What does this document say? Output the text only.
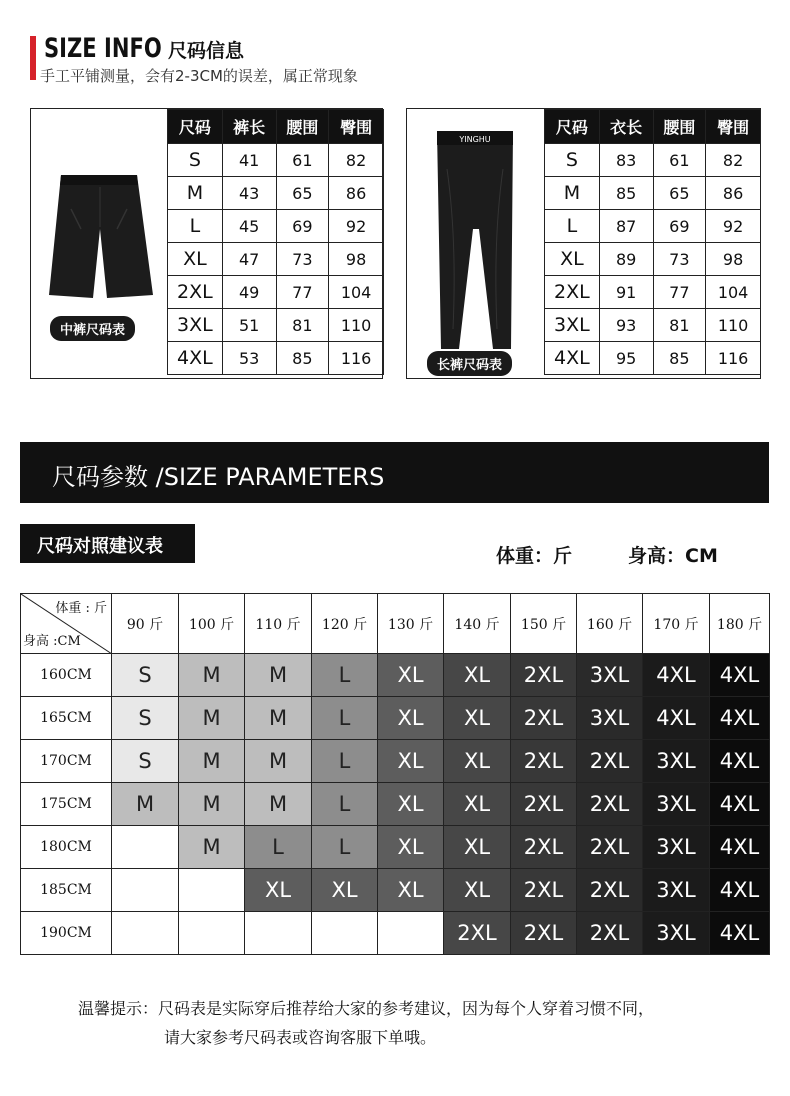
SIZE INFO 尺码信息
手工平铺测量，会有2-3CM的误差，属正常现象
中裤尺码表
尺码	裤长	腰围	臀围
S	41	61	82
M	43	65	86
L	45	69	92
XL	47	73	98
2XL	49	77	104
3XL	51	81	110
4XL	53	85	116
YINGHU
长裤尺码表
尺码	衣长	腰围	臀围
S	83	61	82
M	85	65	86
L	87	69	92
XL	89	73	98
2XL	91	77	104
3XL	93	81	110
4XL	95	85	116
尺码参数 /SIZE PARAMETERS
尺码对照建议表	体重：斤	身高：CM
体重 : 斤
身高 :CM	90 斤	100 斤	110 斤	120 斤	130 斤	140 斤	150 斤	160 斤	170 斤	180 斤
160CM	S	M	M	L	XL	XL	2XL	3XL	4XL	4XL
165CM	S	M	M	L	XL	XL	2XL	3XL	4XL	4XL
170CM	S	M	M	L	XL	XL	2XL	2XL	3XL	4XL
175CM	M	M	M	L	XL	XL	2XL	2XL	3XL	4XL
180CM		M	L	L	XL	XL	2XL	2XL	3XL	4XL
185CM			XL	XL	XL	XL	2XL	2XL	3XL	4XL
190CM						2XL	2XL	2XL	3XL	4XL
温馨提示：尺码表是实际穿后推荐给大家的参考建议，因为每个人穿着习惯不同，
请大家参考尺码表或咨询客服下单哦。
